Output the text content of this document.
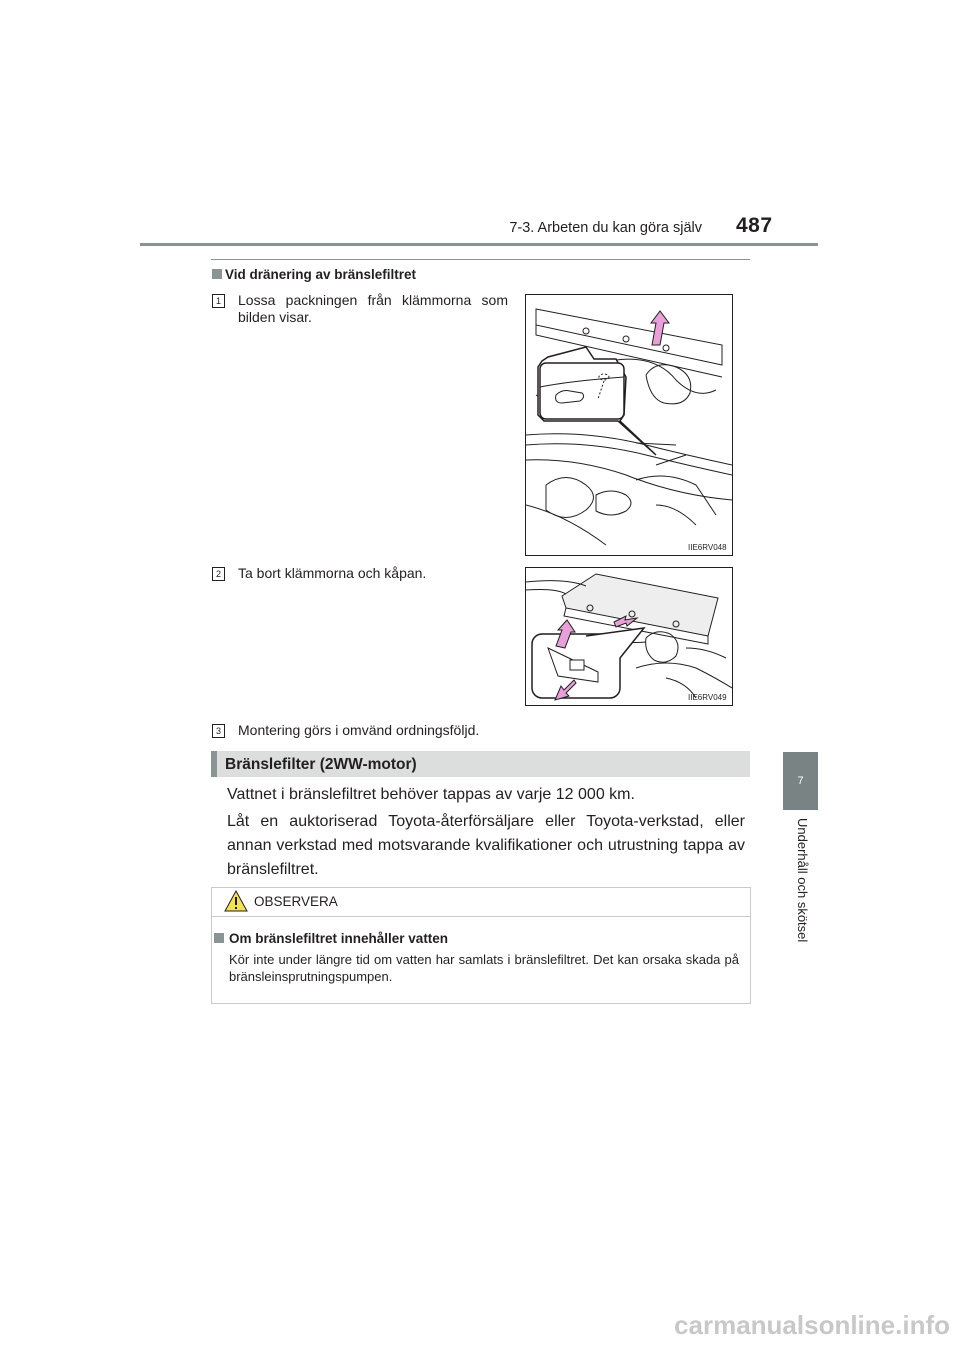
7-3. Arbeten du kan göra själv 487
7
Underhåll och skötsel
Vid dränering av bränslefiltret
1 Lossa packningen från klämmorna som bilden visar.
IIE6RV048
2 Ta bort klämmorna och kåpan.
IIE6RV049
3 Montering görs i omvänd ordningsföljd.
Bränslefilter (2WW-motor)
Vattnet i bränslefiltret behöver tappas av varje 12 000 km.
Låt en auktoriserad Toyota-återförsäljare eller Toyota-verkstad, eller annan verkstad med motsvarande kvalifikationer och utrustning tappa av bränslefiltret.
OBSERVERA
Om bränslefiltret innehåller vatten
Kör inte under längre tid om vatten har samlats i bränslefiltret. Det kan orsaka skada på bränsleinsprutningspumpen.
carmanualsonline.info
